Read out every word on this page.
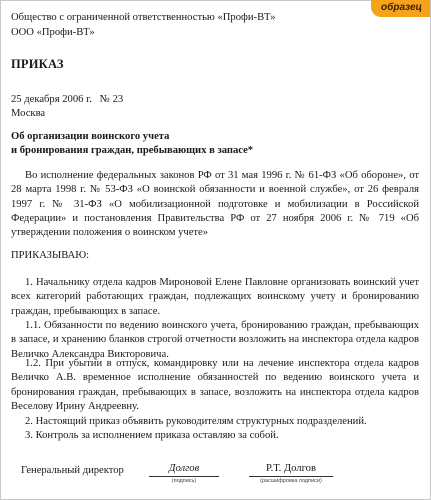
образец
Общество с ограниченной ответственностью «Профи-ВТ»
ООО «Профи-ВТ»
ПРИКАЗ
25 декабря 2006 г.   № 23
Москва
Об организации воинского учета
и бронирования граждан, пребывающих в запасе*
Во исполнение федеральных законов РФ от 31 мая 1996 г. № 61-ФЗ «Об обороне», от 28 марта 1998 г. № 53-ФЗ «О воинской обязанности и военной службе», от 26 февраля 1997 г. № 31-ФЗ «О мобилизационной подготовке и мобилизации в Российской Федерации» и постановления Правительства РФ от 27 ноября 2006 г. № 719 «Об утверждении положения о воинском учете»
ПРИКАЗЫВАЮ:
1. Начальнику отдела кадров Мироновой Елене Павловне организовать воинский учет всех категорий работающих граждан, подлежащих воинскому учету и бронированию граждан, пребывающих в запасе.
1.1. Обязанности по ведению воинского учета, бронированию граждан, пребывающих в запасе, и хранению бланков строгой отчетности возложить на инспектора отдела кадров Величко Александра Викторовича.
1.2. При убытии в отпуск, командировку или на лечение инспектора отдела кадров Величко А.В. временное исполнение обязанностей по ведению воинского учета и бронирования граждан, пребывающих в запасе, возложить на инспектора отдела кадров Веселову Ирину Андреевну.
2. Настоящий приказ объявить руководителям структурных подразделений.
3. Контроль за исполнением приказа оставляю за собой.
Генеральный директор	Долгов
(подпись)
Р.Т. Долгов
(расшифровка подписи)
